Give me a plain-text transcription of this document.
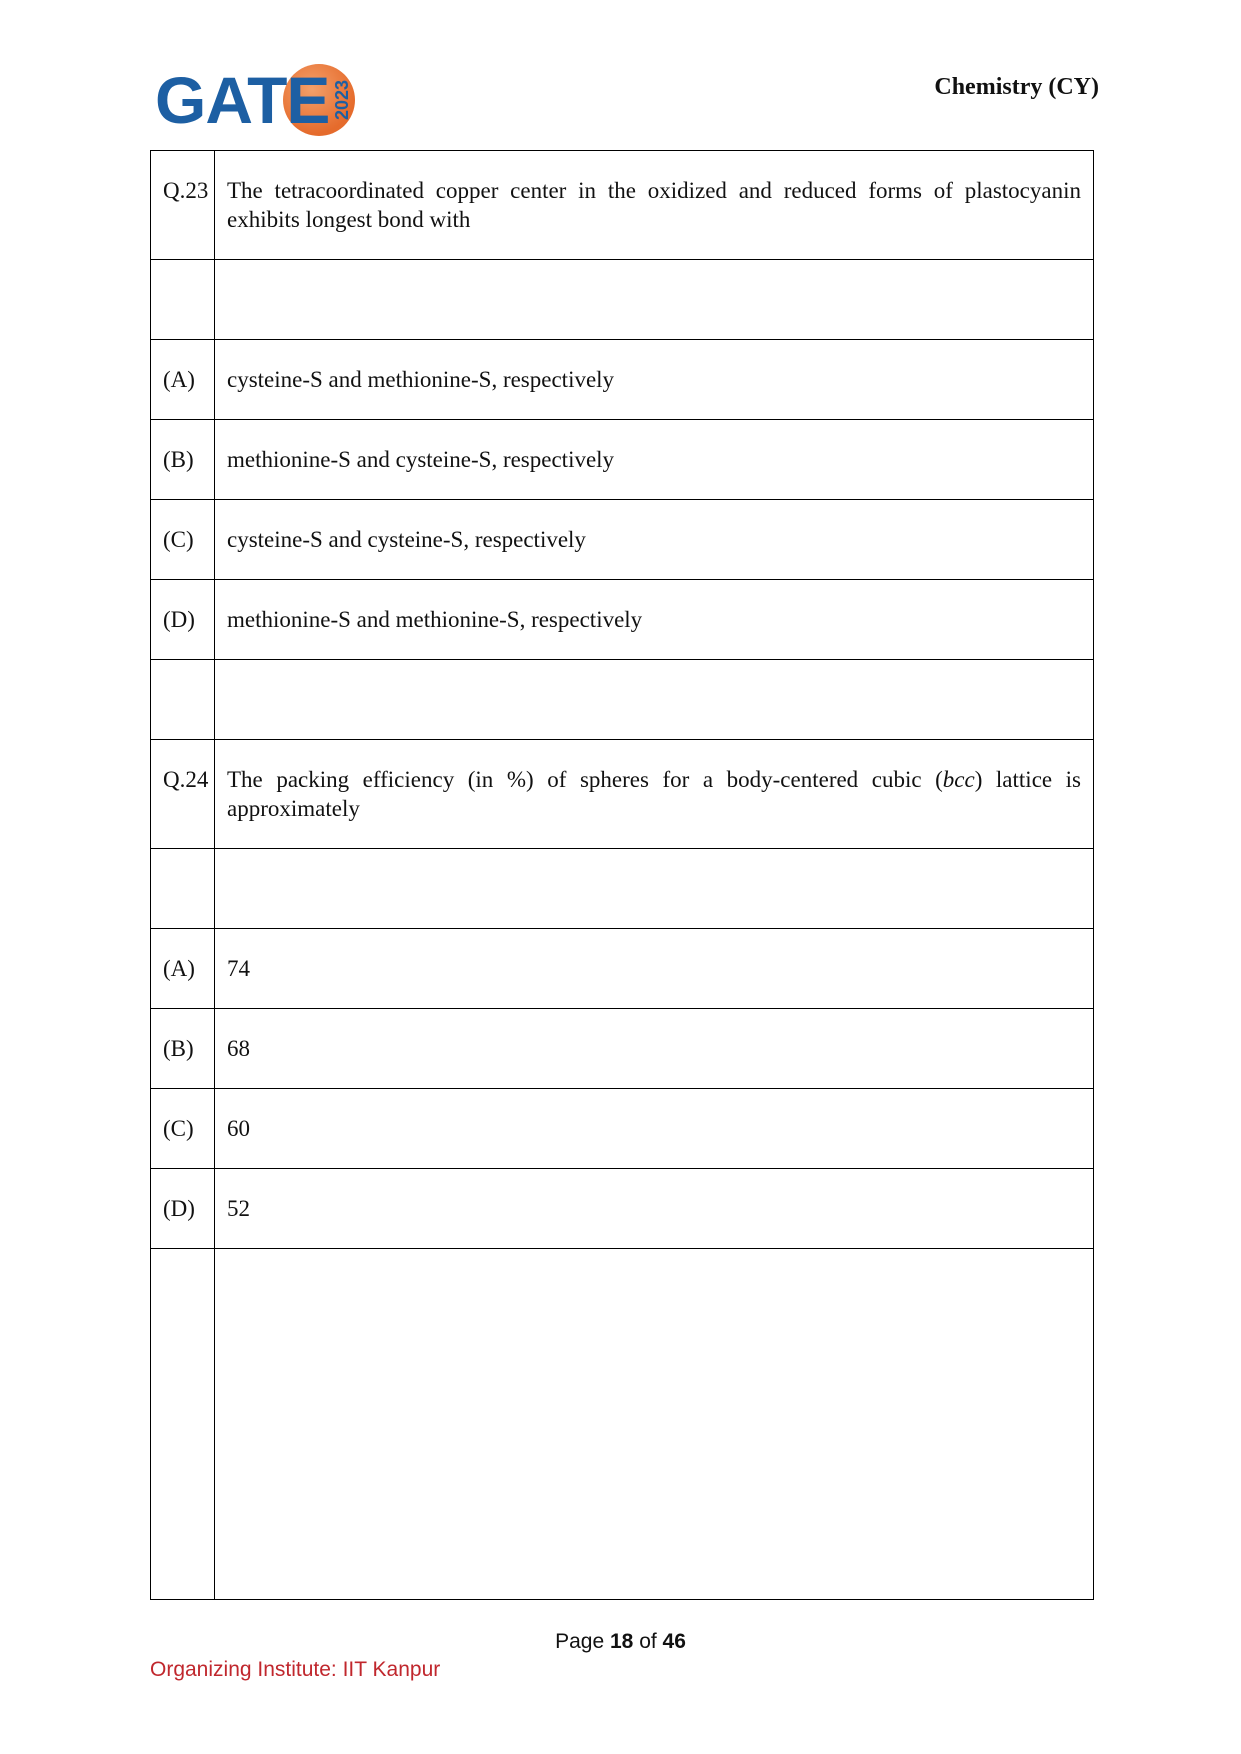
GATE 2023	Chemistry (CY)
Q.23	The tetracoordinated copper center in the oxidized and reduced forms of plastocyanin exhibits longest bond with

(A)	cysteine-S and methionine-S, respectively
(B)	methionine-S and cysteine-S, respectively
(C)	cysteine-S and cysteine-S, respectively
(D)	methionine-S and methionine-S, respectively

Q.24	The packing efficiency (in %) of spheres for a body-centered cubic (bcc) lattice is approximately

(A)	74
(B)	68
(C)	60
(D)	52

Page 18 of 46
Organizing Institute: IIT Kanpur
